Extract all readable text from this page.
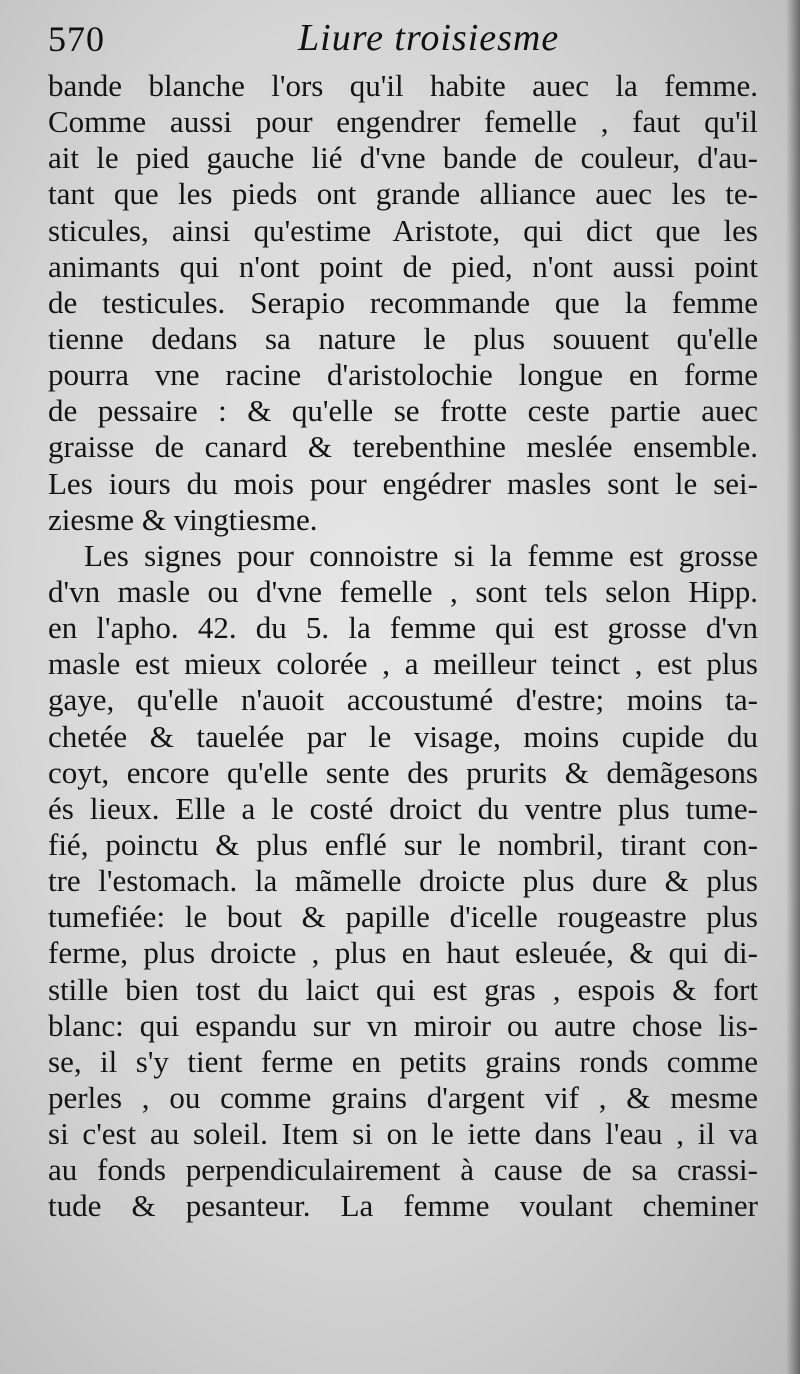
570	Liure troisiesme
bande blanche l'ors qu'il habite auec la femme.
Comme aussi pour engendrer femelle , faut qu'il
ait le pied gauche lié d'vne bande de couleur, d'au-
tant que les pieds ont grande alliance auec les te-
sticules, ainsi qu'estime Aristote, qui dict que les
animants qui n'ont point de pied, n'ont aussi point
de testicules. Serapio recommande que la femme
tienne dedans sa nature le plus souuent qu'elle
pourra vne racine d'aristolochie longue en forme
de pessaire : & qu'elle se frotte ceste partie auec
graisse de canard & terebenthine meslée ensemble.
Les iours du mois pour engédrer masles sont le sei-
ziesme & vingtiesme.
Les signes pour connoistre si la femme est grosse
d'vn masle ou d'vne femelle , sont tels selon Hipp.
en l'apho. 42. du 5. la femme qui est grosse d'vn
masle est mieux colorée , a meilleur teinct , est plus
gaye, qu'elle n'auoit accoustumé d'estre; moins ta-
chetée & tauelée par le visage, moins cupide du
coyt, encore qu'elle sente des prurits & demãgesons
és lieux. Elle a le costé droict du ventre plus tume-
fié, poinctu & plus enflé sur le nombril, tirant con-
tre l'estomach. la mãmelle droicte plus dure & plus
tumefiée: le bout & papille d'icelle rougeastre plus
ferme, plus droicte , plus en haut esleuée, & qui di-
stille bien tost du laict qui est gras , espois & fort
blanc: qui espandu sur vn miroir ou autre chose lis-
se, il s'y tient ferme en petits grains ronds comme
perles , ou comme grains d'argent vif , & mesme
si c'est au soleil. Item si on le iette dans l'eau , il va
au fonds perpendiculairement à cause de sa crassi-
tude & pesanteur. La femme voulant cheminer
